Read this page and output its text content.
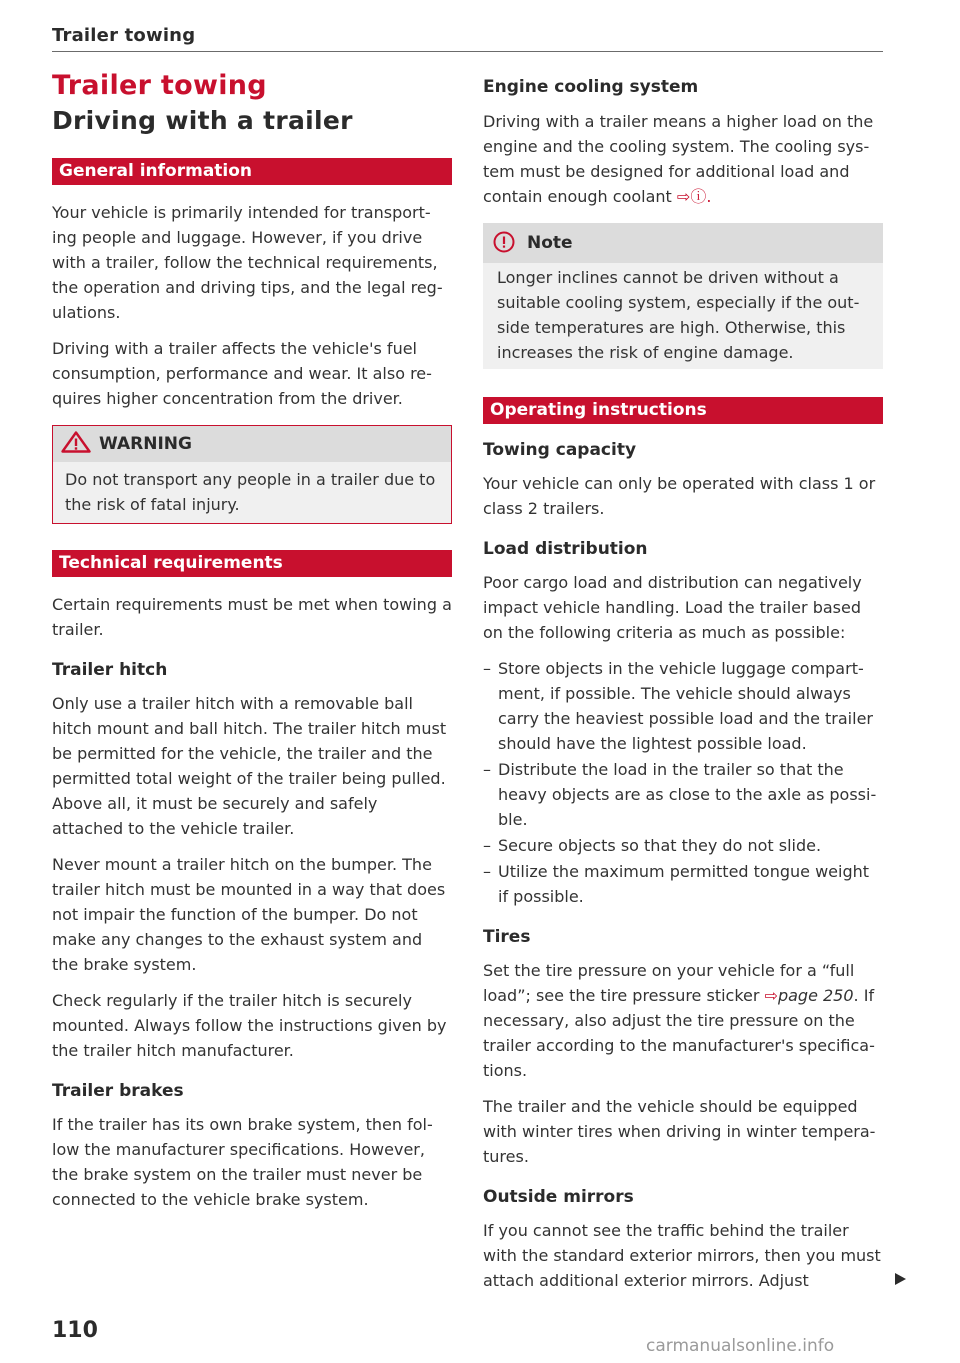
Trailer towing
Trailer towing
Driving with a trailer
General information

Your vehicle is primarily intended for transport-ing people and luggage. However, if you drive with a trailer, follow the technical requirements, the operation and driving tips, and the legal reg-ulations.

Driving with a trailer affects the vehicle's fuel consumption, performance and wear. It also re-quires higher concentration from the driver.

WARNING

Do not transport any people in a trailer due to the risk of fatal injury.

Technical requirements

Certain requirements must be met when towing a trailer.

Trailer hitch

Only use a trailer hitch with a removable ball hitch mount and ball hitch. The trailer hitch must be permitted for the vehicle, the trailer and the permitted total weight of the trailer being pulled. Above all, it must be securely and safely attached to the vehicle trailer.

Never mount a trailer hitch on the bumper. The trailer hitch must be mounted in a way that does not impair the function of the bumper. Do not make any changes to the exhaust system and the brake system.

Check regularly if the trailer hitch is securely mounted. Always follow the instructions given by the trailer hitch manufacturer.

Trailer brakes

If the trailer has its own brake system, then fol-low the manufacturer specifications. However, the brake system on the trailer must never be connected to the vehicle brake system.

Engine cooling system

Driving with a trailer means a higher load on the engine and the cooling system. The cooling sys-tem must be designed for additional load and contain enough coolant ⇨ⓘ.

Note

Longer inclines cannot be driven without a suitable cooling system, especially if the out-side temperatures are high. Otherwise, this increases the risk of engine damage.

Operating instructions
Towing capacity

Your vehicle can only be operated with class 1 or class 2 trailers.

Load distribution

Poor cargo load and distribution can negatively impact vehicle handling. Load the trailer based on the following criteria as much as possible:

– Store objects in the vehicle luggage compart-ment, if possible. The vehicle should always carry the heaviest possible load and the trailer should have the lightest possible load.
– Distribute the load in the trailer so that the heavy objects are as close to the axle as possi-ble.
– Secure objects so that they do not slide.
– Utilize the maximum permitted tongue weight if possible.
Tires

Set the tire pressure on your vehicle for a “full load”; see the tire pressure sticker ⇨page 250. If necessary, also adjust the tire pressure on the trailer according to the manufacturer's specifica-tions.

The trailer and the vehicle should be equipped with winter tires when driving in winter tempera-tures.

Outside mirrors

If you cannot see the traffic behind the trailer with the standard exterior mirrors, then you must attach additional exterior mirrors. Adjust

110
carmanualsonline.info
